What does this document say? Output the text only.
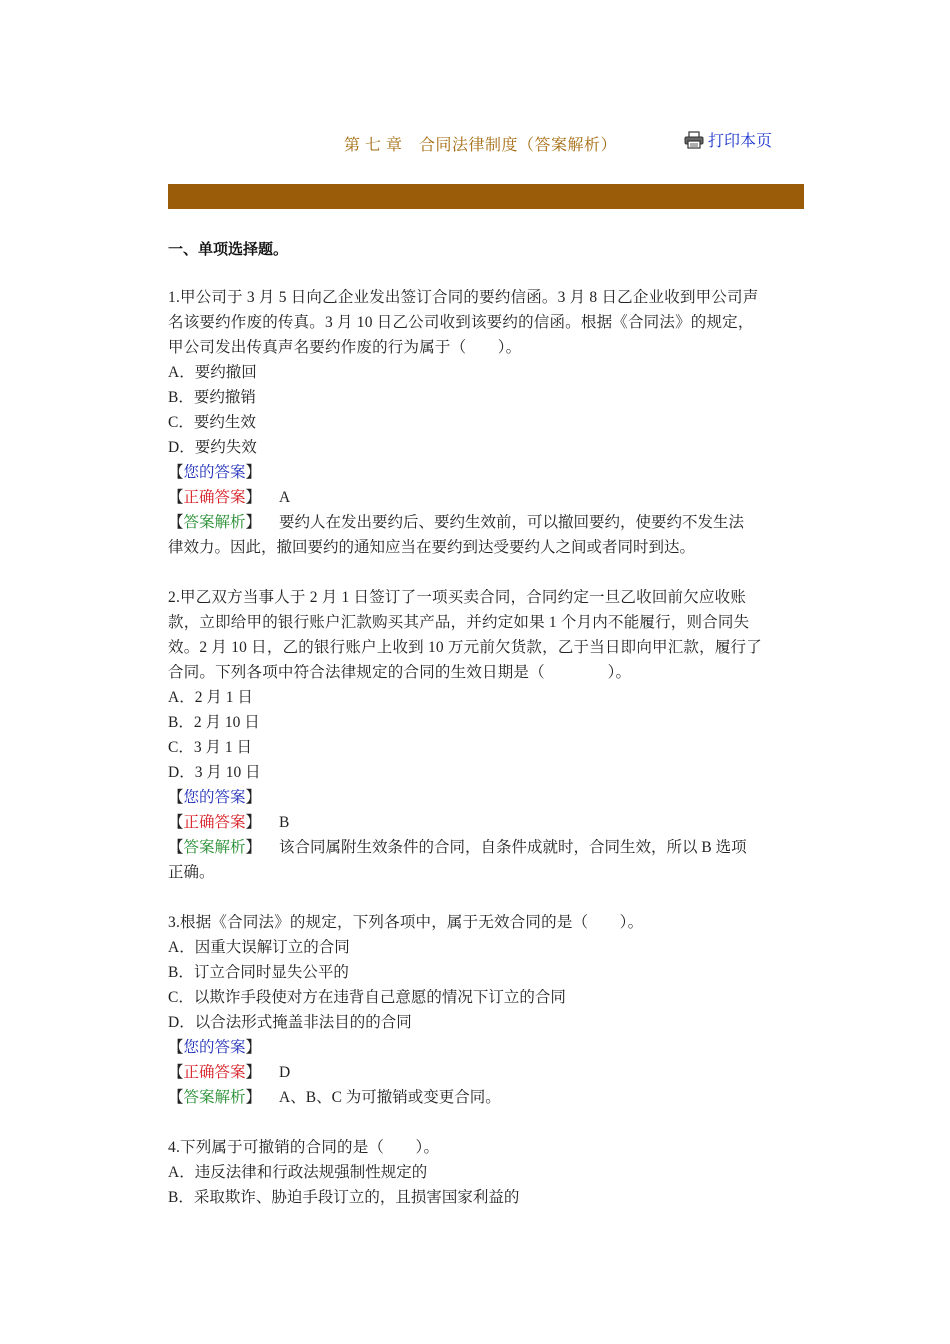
第 七 章　合同法律制度（答案解析）	打印本页
一、单项选择题。

1.甲公司于 3 月 5 日向乙企业发出签订合同的要约信函。3 月 8 日乙企业收到甲公司声

名该要约作废的传真。3 月 10 日乙公司收到该要约的信函。根据《合同法》的规定，

甲公司发出传真声名要约作废的行为属于（　　）。

A．要约撤回

B．要约撤销

C．要约生效

D．要约失效

【您的答案】

【正确答案】 A

【答案解析】 要约人在发出要约后、要约生效前，可以撤回要约，使要约不发生法

律效力。因此，撤回要约的通知应当在要约到达受要约人之间或者同时到达。

2.甲乙双方当事人于 2 月 1 日签订了一项买卖合同，合同约定一旦乙收回前欠应收账

款，立即给甲的银行账户汇款购买其产品，并约定如果 1 个月内不能履行，则合同失

效。2 月 10 日，乙的银行账户上收到 10 万元前欠货款，乙于当日即向甲汇款，履行了

合同。下列各项中符合法律规定的合同的生效日期是（　　　　）。

A．2 月 1 日

B．2 月 10 日

C．3 月 1 日

D．3 月 10 日

【您的答案】

【正确答案】 B

【答案解析】 该合同属附生效条件的合同，自条件成就时，合同生效，所以 B 选项

正确。

3.根据《合同法》的规定，下列各项中，属于无效合同的是（　　）。

A．因重大误解订立的合同

B．订立合同时显失公平的

C．以欺诈手段使对方在违背自己意愿的情况下订立的合同

D．以合法形式掩盖非法目的的合同

【您的答案】

【正确答案】 D

【答案解析】 A、B、C 为可撤销或变更合同。

4.下列属于可撤销的合同的是（　　）。

A．违反法律和行政法规强制性规定的

B．采取欺诈、胁迫手段订立的，且损害国家利益的
